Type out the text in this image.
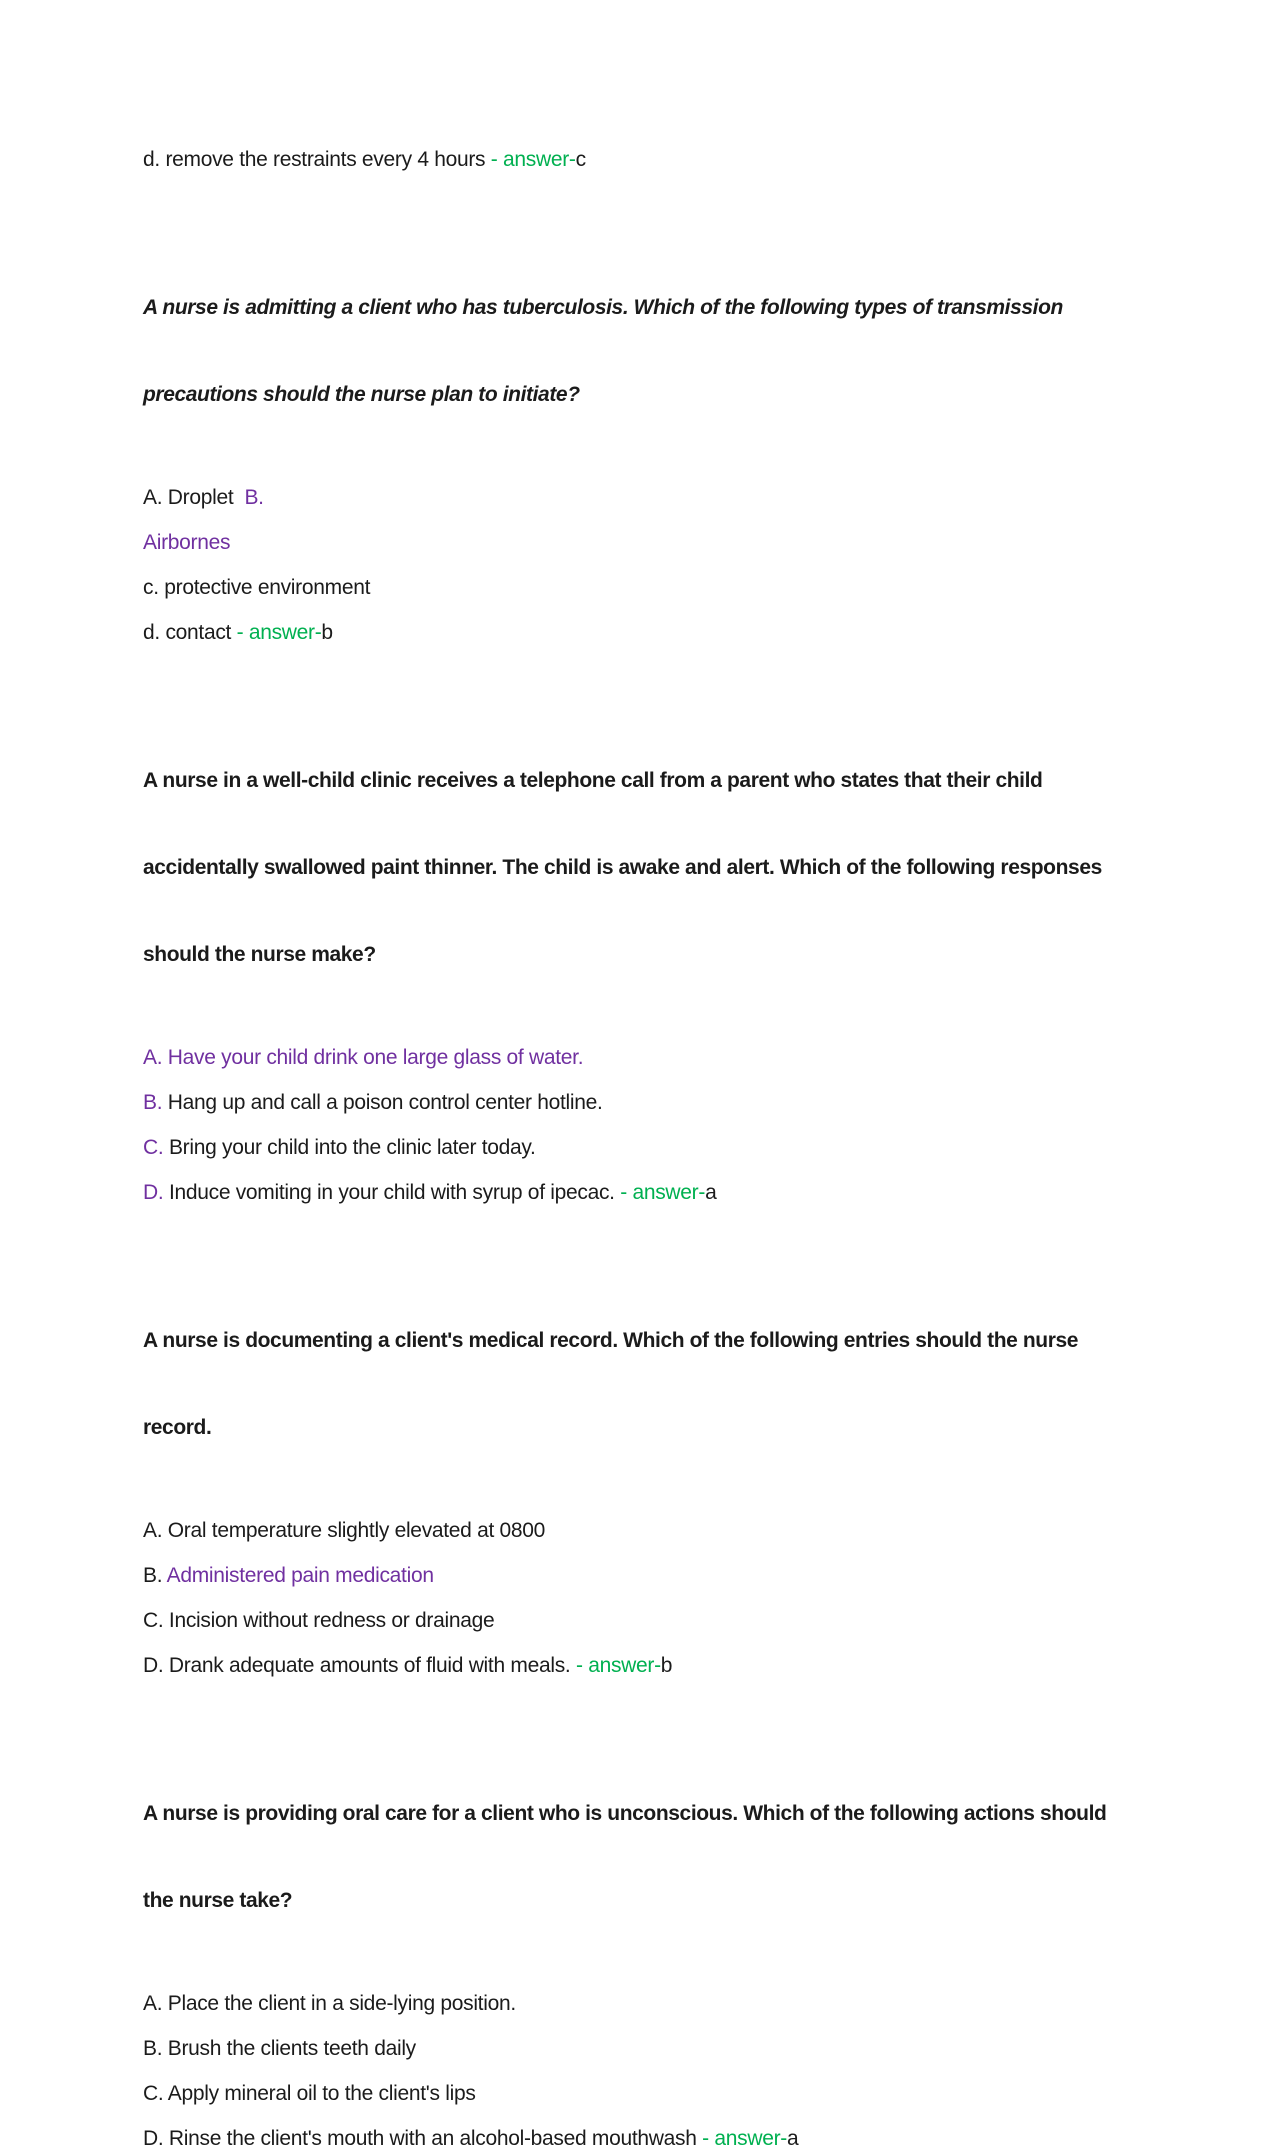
d. remove the restraints every 4 hours - answer-c

A nurse is admitting a client who has tuberculosis. Which of the following types of transmission

precautions should the nurse plan to initiate?

A. Droplet  B.

Airbornes

c. protective environment

d. contact - answer-b

A nurse in a well-child clinic receives a telephone call from a parent who states that their child

accidentally swallowed paint thinner. The child is awake and alert. Which of the following responses

should the nurse make?

A. Have your child drink one large glass of water.

B. Hang up and call a poison control center hotline.

C. Bring your child into the clinic later today.

D. Induce vomiting in your child with syrup of ipecac. - answer-a

A nurse is documenting a client's medical record. Which of the following entries should the nurse

record.

A. Oral temperature slightly elevated at 0800

B. Administered pain medication

C. Incision without redness or drainage

D. Drank adequate amounts of fluid with meals. - answer-b

A nurse is providing oral care for a client who is unconscious. Which of the following actions should

the nurse take?

A. Place the client in a side-lying position.

B. Brush the clients teeth daily

C. Apply mineral oil to the client's lips

D. Rinse the client's mouth with an alcohol-based mouthwash - answer-a
